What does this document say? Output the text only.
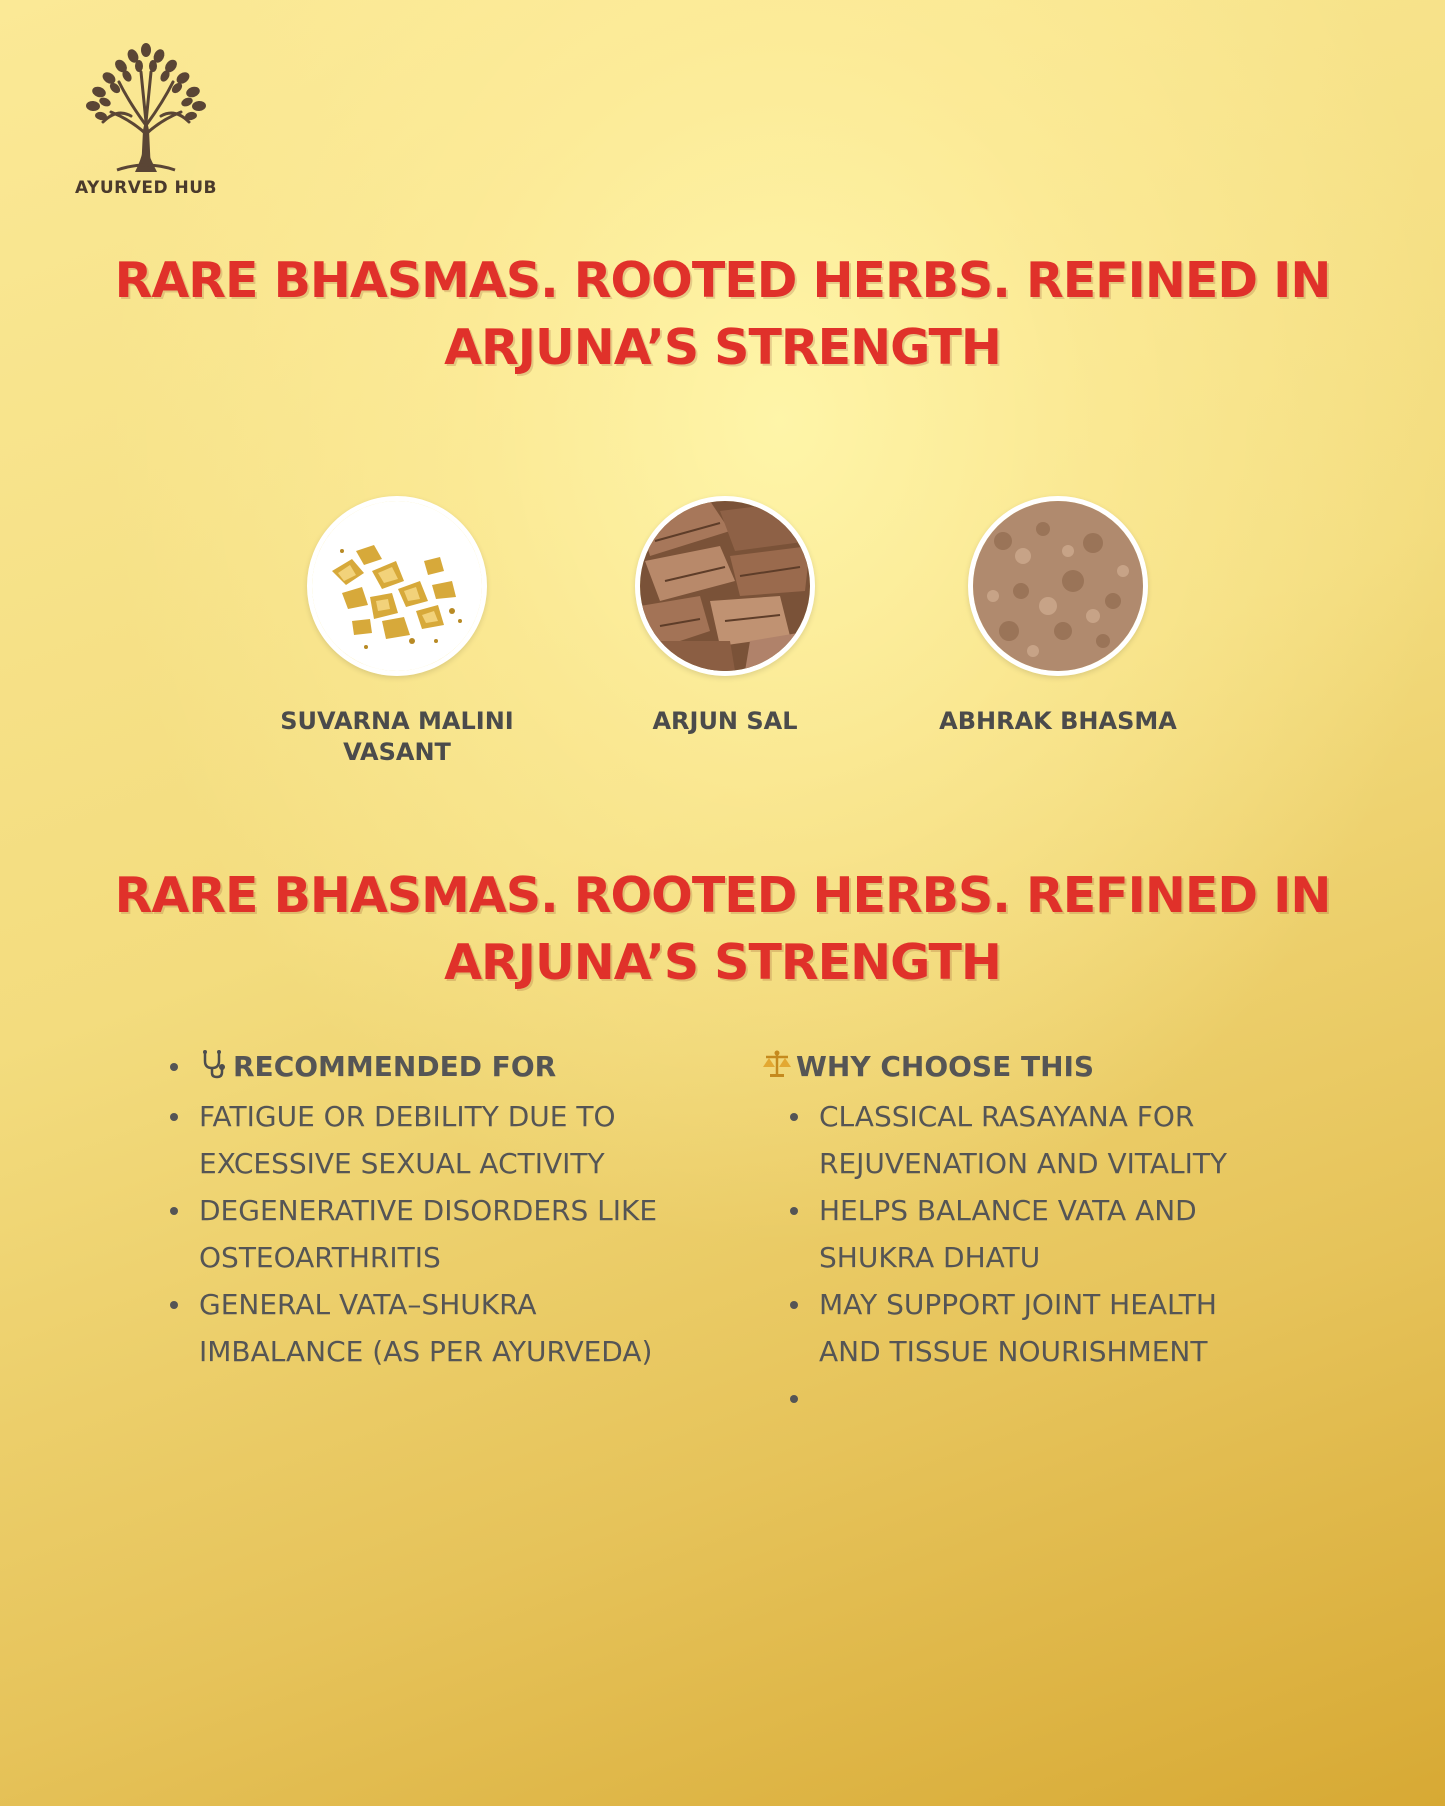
AYURVED HUB
RARE BHASMAS. ROOTED HERBS. REFINED IN
ARJUNA’S STRENGTH
SUVARNA MALINI
VASANT
ARJUN SAL	ABHRAK BHASMA
RARE BHASMAS. ROOTED HERBS. REFINED IN
ARJUNA’S STRENGTH
RECOMMENDED FOR
FATIGUE OR DEBILITY DUE TO
EXCESSIVE SEXUAL ACTIVITY
DEGENERATIVE DISORDERS LIKE
OSTEOARTHRITIS
GENERAL VATA–SHUKRA
IMBALANCE (AS PER AYURVEDA)
WHY CHOOSE THIS
CLASSICAL RASAYANA FOR
REJUVENATION AND VITALITY
HELPS BALANCE VATA AND
SHUKRA DHATU
MAY SUPPORT JOINT HEALTH
AND TISSUE NOURISHMENT
